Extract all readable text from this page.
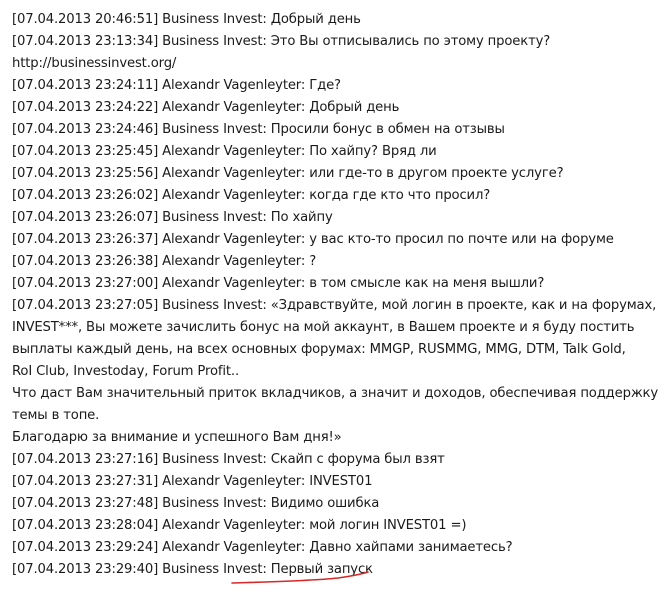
[07.04.2013 20:46:51] Business Invest: Добрый день
[07.04.2013 23:13:34] Business Invest: Это Вы отписывались по этому проекту?
http://businessinvest.org/
[07.04.2013 23:24:11] Alexandr Vagenleyter: Где?
[07.04.2013 23:24:22] Alexandr Vagenleyter: Добрый день
[07.04.2013 23:24:46] Business Invest: Просили бонус в обмен на отзывы
[07.04.2013 23:25:45] Alexandr Vagenleyter: По хайпу? Вряд ли
[07.04.2013 23:25:56] Alexandr Vagenleyter: или где-то в другом проекте услуге?
[07.04.2013 23:26:02] Alexandr Vagenleyter: когда где кто что просил?
[07.04.2013 23:26:07] Business Invest: По хайпу
[07.04.2013 23:26:37] Alexandr Vagenleyter: у вас кто-то просил по почте или на форуме
[07.04.2013 23:26:38] Alexandr Vagenleyter: ?
[07.04.2013 23:27:00] Alexandr Vagenleyter: в том смысле как на меня вышли?
[07.04.2013 23:27:05] Business Invest: «Здравствуйте, мой логин в проекте, как и на форумах,
INVEST***, Вы можете зачислить бонус на мой аккаунт, в Вашем проекте и я буду постить
выплаты каждый день, на всех основных форумах: MMGP, RUSMMG, MMG, DTM, Talk Gold,
RoI Club, Investoday, Forum Profit..
Что даст Вам значительный приток вкладчиков, а значит и доходов, обеспечивая поддержку
темы в топе.
Благодарю за внимание и успешного Вам дня!»
[07.04.2013 23:27:16] Business Invest: Скайп с форума был взят
[07.04.2013 23:27:31] Alexandr Vagenleyter: INVEST01
[07.04.2013 23:27:48] Business Invest: Видимо ошибка
[07.04.2013 23:28:04] Alexandr Vagenleyter: мой логин INVEST01 =)
[07.04.2013 23:29:24] Alexandr Vagenleyter: Давно хайпами занимаетесь?
[07.04.2013 23:29:40] Business Invest: Первый запуск
